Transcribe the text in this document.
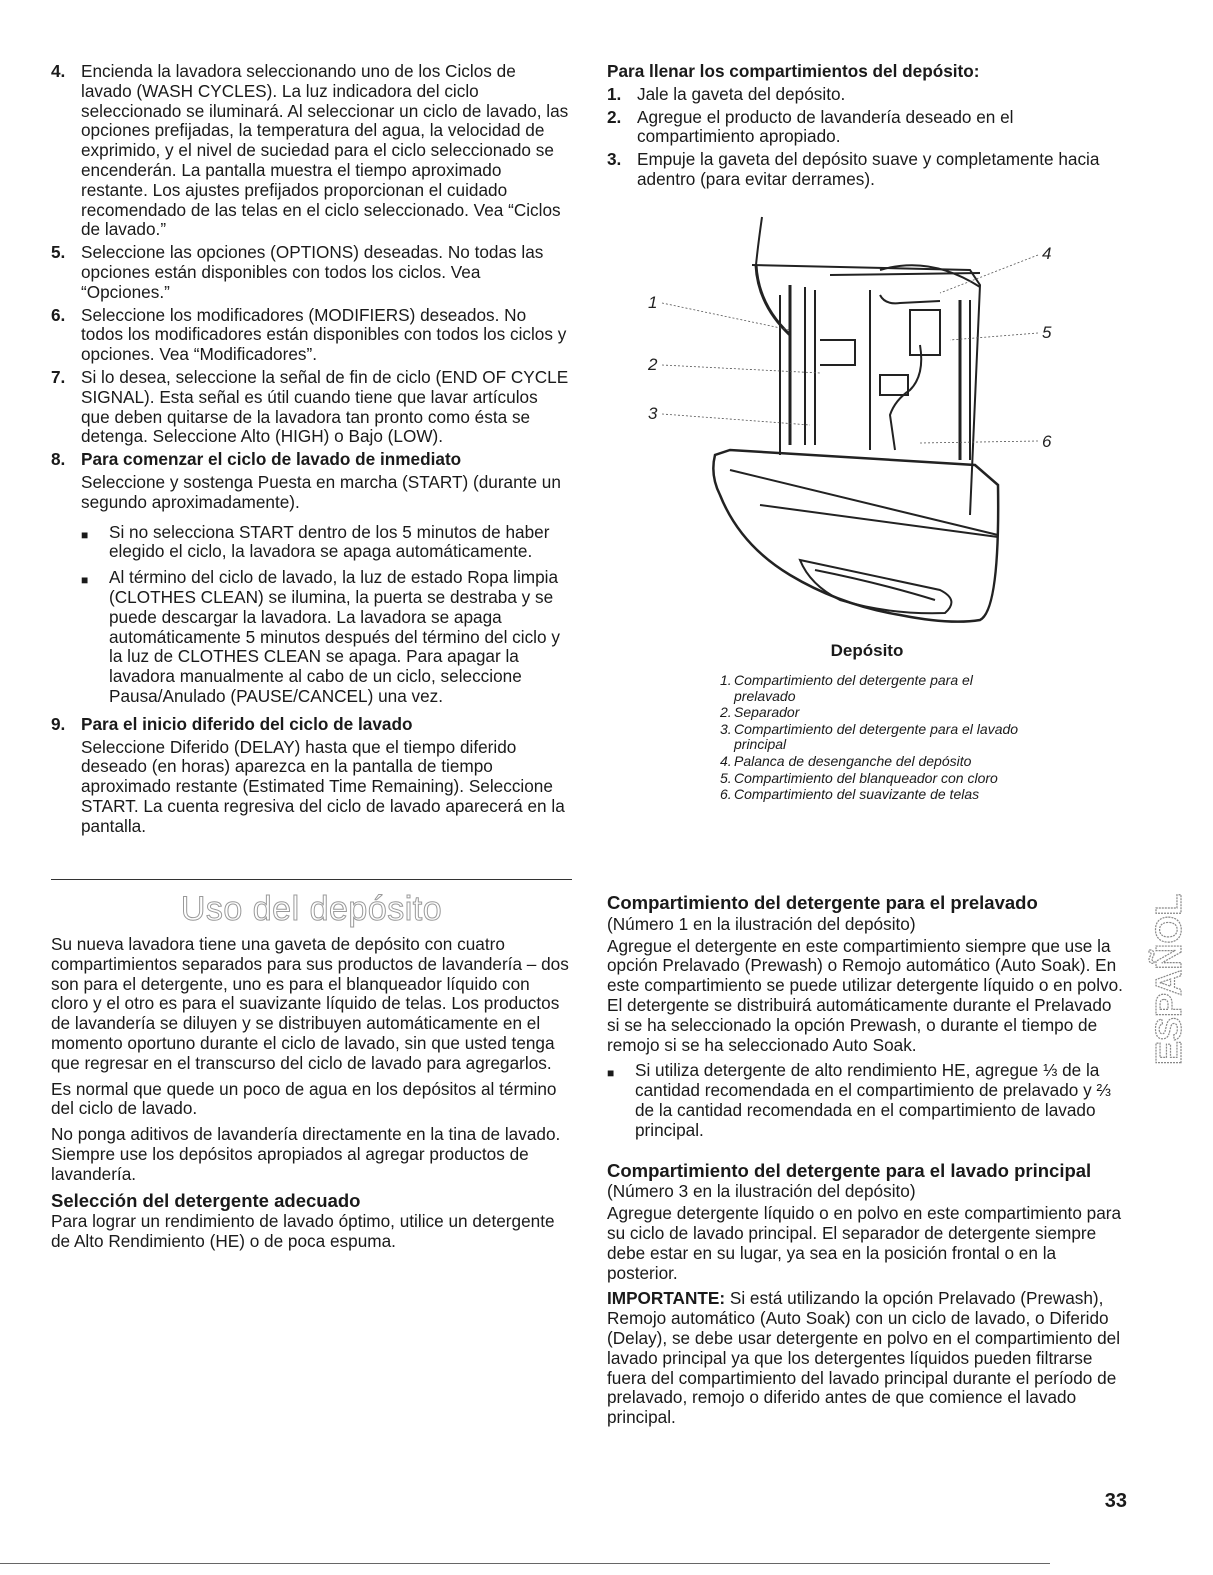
4. Encienda la lavadora seleccionando uno de los Ciclos de lavado (WASH CYCLES). La luz indicadora del ciclo seleccionado se iluminará. Al seleccionar un ciclo de lavado, las opciones prefijadas, la temperatura del agua, la velocidad de exprimido, y el nivel de suciedad para el ciclo seleccionado se encenderán. La pantalla muestra el tiempo aproximado restante. Los ajustes prefijados proporcionan el cuidado recomendado de las telas en el ciclo seleccionado. Vea “Ciclos de lavado.”
5. Seleccione las opciones (OPTIONS) deseadas. No todas las opciones están disponibles con todos los ciclos. Vea “Opciones.”
6. Seleccione los modificadores (MODIFIERS) deseados. No todos los modificadores están disponibles con todos los ciclos y opciones. Vea “Modificadores”.
7. Si lo desea, seleccione la señal de fin de ciclo (END OF CYCLE SIGNAL). Esta señal es útil cuando tiene que lavar artículos que deben quitarse de la lavadora tan pronto como ésta se detenga. Seleccione Alto (HIGH) o Bajo (LOW).
8. Para comenzar el ciclo de lavado de inmediato
Seleccione y sostenga Puesta en marcha (START) (durante un segundo aproximadamente).
■	Si no selecciona START dentro de los 5 minutos de haber elegido el ciclo, la lavadora se apaga automáticamente.
■	Al término del ciclo de lavado, la luz de estado Ropa limpia (CLOTHES CLEAN) se ilumina, la puerta se destraba y se puede descargar la lavadora. La lavadora se apaga automáticamente 5 minutos después del término del ciclo y la luz de CLOTHES CLEAN se apaga. Para apagar la lavadora manualmente al cabo de un ciclo, seleccione Pausa/Anulado (PAUSE/CANCEL) una vez.
9. Para el inicio diferido del ciclo de lavado
Seleccione Diferido (DELAY) hasta que el tiempo diferido deseado (en horas) aparezca en la pantalla de tiempo aproximado restante (Estimated Time Remaining). Seleccione START. La cuenta regresiva del ciclo de lavado aparecerá en la pantalla.
Uso del depósito
Su nueva lavadora tiene una gaveta de depósito con cuatro compartimientos separados para sus productos de lavandería – dos son para el detergente, uno es para el blanqueador líquido con cloro y el otro es para el suavizante líquido de telas. Los productos de lavandería se diluyen y se distribuyen automáticamente en el momento oportuno durante el ciclo de lavado, sin que usted tenga que regresar en el transcurso del ciclo de lavado para agregarlos.
Es normal que quede un poco de agua en los depósitos al término del ciclo de lavado.
No ponga aditivos de lavandería directamente en la tina de lavado. Siempre use los depósitos apropiados al agregar productos de lavandería.
Selección del detergente adecuado
Para lograr un rendimiento de lavado óptimo, utilice un detergente de Alto Rendimiento (HE) o de poca espuma.
Para llenar los compartimientos del depósito:
1. Jale la gaveta del depósito.
2. Agregue el producto de lavandería deseado en el compartimiento apropiado.
3. Empuje la gaveta del depósito suave y completamente hacia adentro (para evitar derrames).
1
2
3
4
5
6
Depósito
1. Compartimiento del detergente para el prelavado
2. Separador
3. Compartimiento del detergente para el lavado principal
4. Palanca de desenganche del depósito
5. Compartimiento del blanqueador con cloro
6. Compartimiento del suavizante de telas
Compartimiento del detergente para el prelavado
(Número 1 en la ilustración del depósito)
Agregue el detergente en este compartimiento siempre que use la opción Prelavado (Prewash) o Remojo automático (Auto Soak). En este compartimiento se puede utilizar detergente líquido o en polvo. El detergente se distribuirá automáticamente durante el Prelavado si se ha seleccionado la opción Prewash, o durante el tiempo de remojo si se ha seleccionado Auto Soak.
■	Si utiliza detergente de alto rendimiento HE, agregue ⅓ de la cantidad recomendada en el compartimiento de prelavado y ⅔ de la cantidad recomendada en el compartimiento de lavado principal.
Compartimiento del detergente para el lavado principal
(Número 3 en la ilustración del depósito)
Agregue detergente líquido o en polvo en este compartimiento para su ciclo de lavado principal. El separador de detergente siempre debe estar en su lugar, ya sea en la posición frontal o en la posterior.
IMPORTANTE: Si está utilizando la opción Prelavado (Prewash), Remojo automático (Auto Soak) con un ciclo de lavado, o Diferido (Delay), se debe usar detergente en polvo en el compartimiento del lavado principal ya que los detergentes líquidos pueden filtrarse fuera del compartimiento del lavado principal durante el período de prelavado, remojo o diferido antes de que comience el lavado principal.
ESPAÑOL
33
